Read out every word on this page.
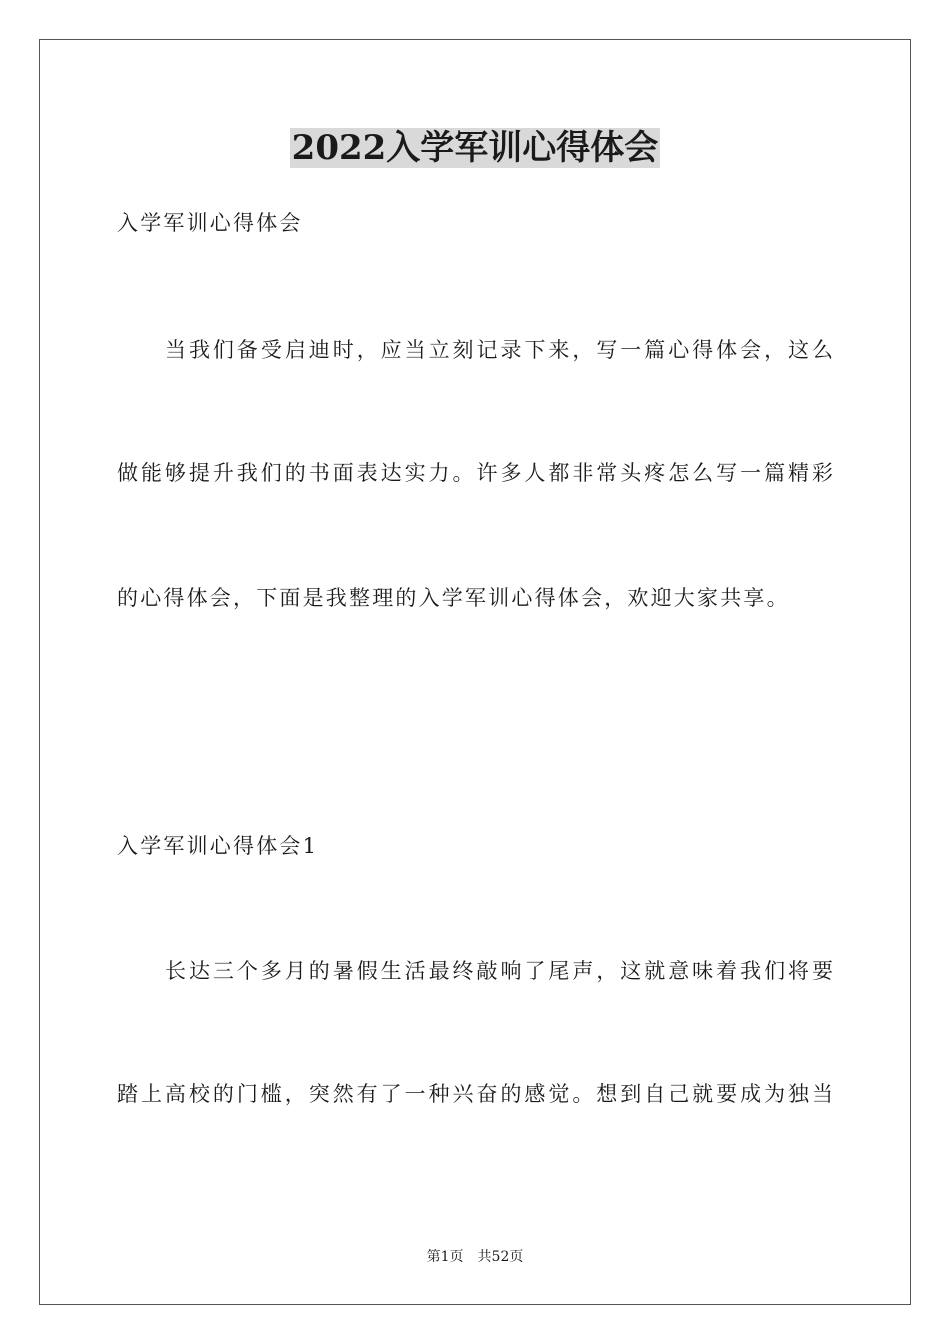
2022入学军训心得体会
入学军训心得体会
当我们备受启迪时，应当立刻记录下来，写一篇心得体会，这么
做能够提升我们的书面表达实力。许多人都非常头疼怎么写一篇精彩
的心得体会，下面是我整理的入学军训心得体会，欢迎大家共享。
入学军训心得体会1
长达三个多月的暑假生活最终敲响了尾声，这就意味着我们将要
踏上高校的门槛，突然有了一种兴奋的感觉。想到自己就要成为独当
第1页　共52页
